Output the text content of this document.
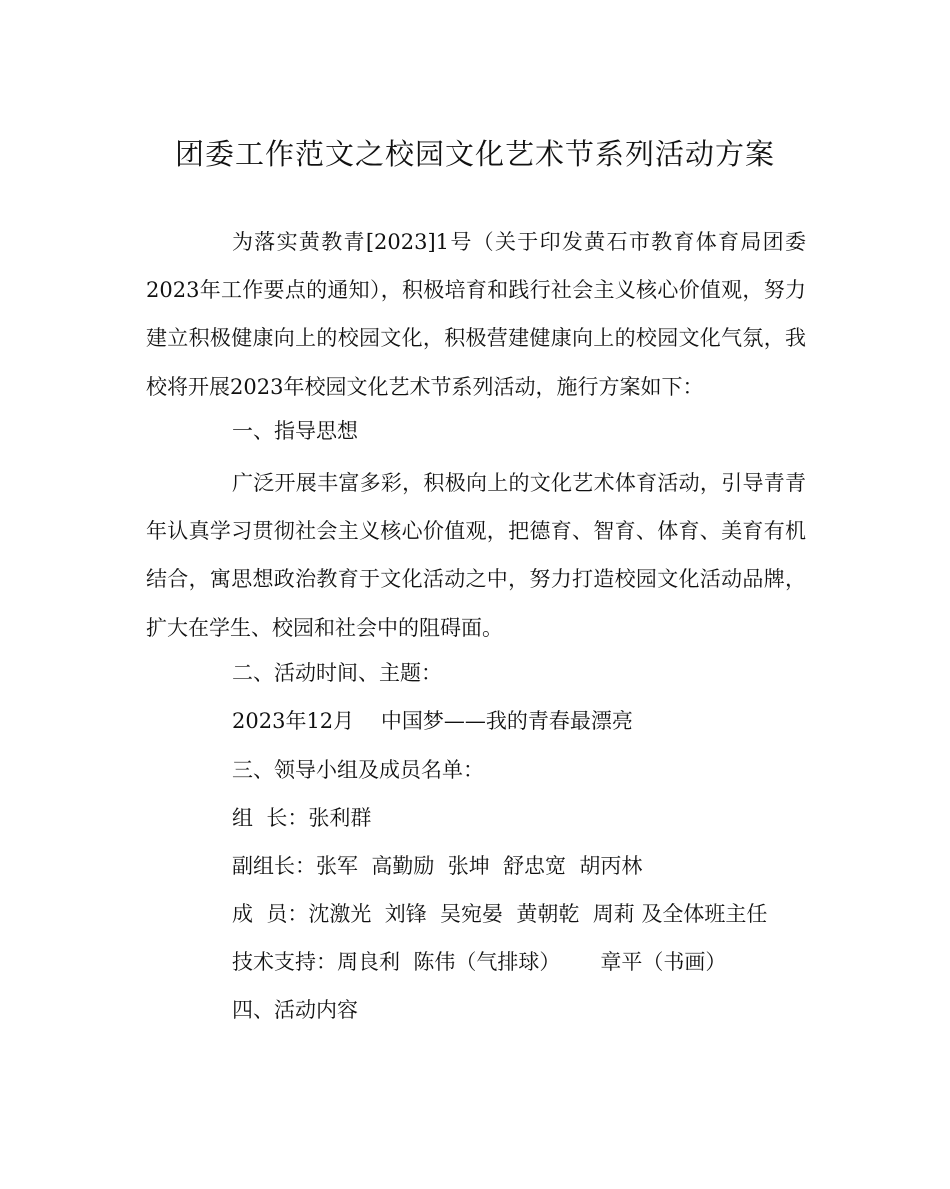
团委工作范文之校园文化艺术节系列活动方案

为落实黄教青[2023]1号（关于印发黄石市教育体育局团委2023年工作要点的通知），积极培育和践行社会主义核心价值观，努力建立积极健康向上的校园文化，积极营建健康向上的校园文化气氛，我校将开展2023年校园文化艺术节系列活动，施行方案如下：

一、指导思想

广泛开展丰富多彩，积极向上的文化艺术体育活动，引导青青年认真学习贯彻社会主义核心价值观，把德育、智育、体育、美育有机结合，寓思想政治教育于文化活动之中，努力打造校园文化活动品牌，扩大在学生、校园和社会中的阻碍面。

二、活动时间、主题：
2023年12月    中国梦——我的青春最漂亮
三、领导小组及成员名单：
组  长：张利群
副组长：张军  高勤励  张坤  舒忠宽  胡丙林
成  员：沈激光  刘锋  吴宛晏  黄朝乾  周莉 及全体班主任
技术支持：周良利  陈伟（气排球）      章平（书画）
四、活动内容
